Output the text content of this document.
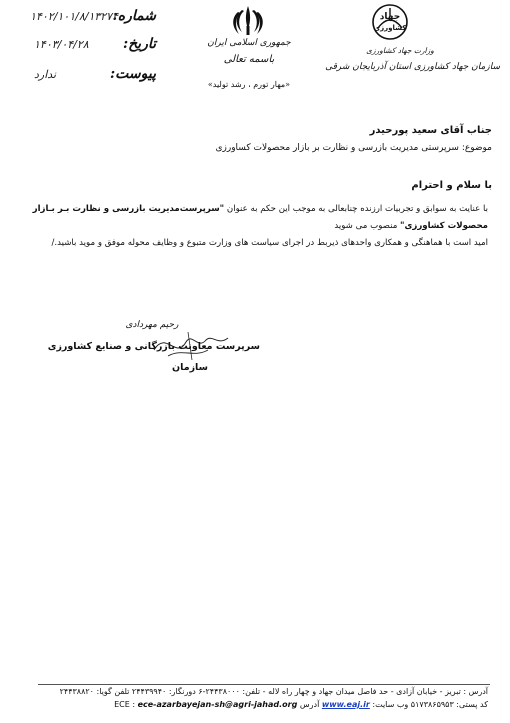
شماره:
۱۴۰۲/۱۰۱/۸/۱۳۲۷۴
تاریخ:
۱۴۰۳/۰۴/۲۸
پیوست:
ندارد
جمهوری اسلامی ایران
باسمه تعالی
«مهار تورم ، رشد تولید»
جهاد
کشاورزی
وزارت جهاد کشاورزی
سازمان جهاد کشاورزی استان آذربایجان شرقی
جناب آقای سعید پورحیدر
موضوع: سرپرستی مدیریت بازرسی و نظارت بر بازار محصولات کساورزی
با سلام و احترام
با عنایت به سوابق و تجربیات ارزنده چنابعالی به موجب این حکم به عنوان "سرپرست‌مدیریت بازرسی و نظارت بـر بـازار
محصولات کشاورزی" منصوب می شوید
امید است با هماهنگی و همکاری واحدهای ذیربط در اجرای سیاست های وزارت متبوع و وظایف محوله موفق و موید باشید./
رحیم مهردادی
سرپرست معاونت بازرگانی و صنایع کشاورزی
سازمان
آدرس : تبریز - خیابان آزادی - حد فاصل میدان جهاد و چهار راه لاله - تلفن: ۲۴۴۳۸۰۰۰-۶ دورنگار: ۲۴۴۳۹۹۴۰ تلفن گویا: ۲۴۴۳۸۸۲۰
کد پستی: ۵۱۷۳۸۶۵۹۵۳ وب سایت: www.eaj.ir آدرس ECE : ece-azarbayejan-sh@agri-jahad.org
